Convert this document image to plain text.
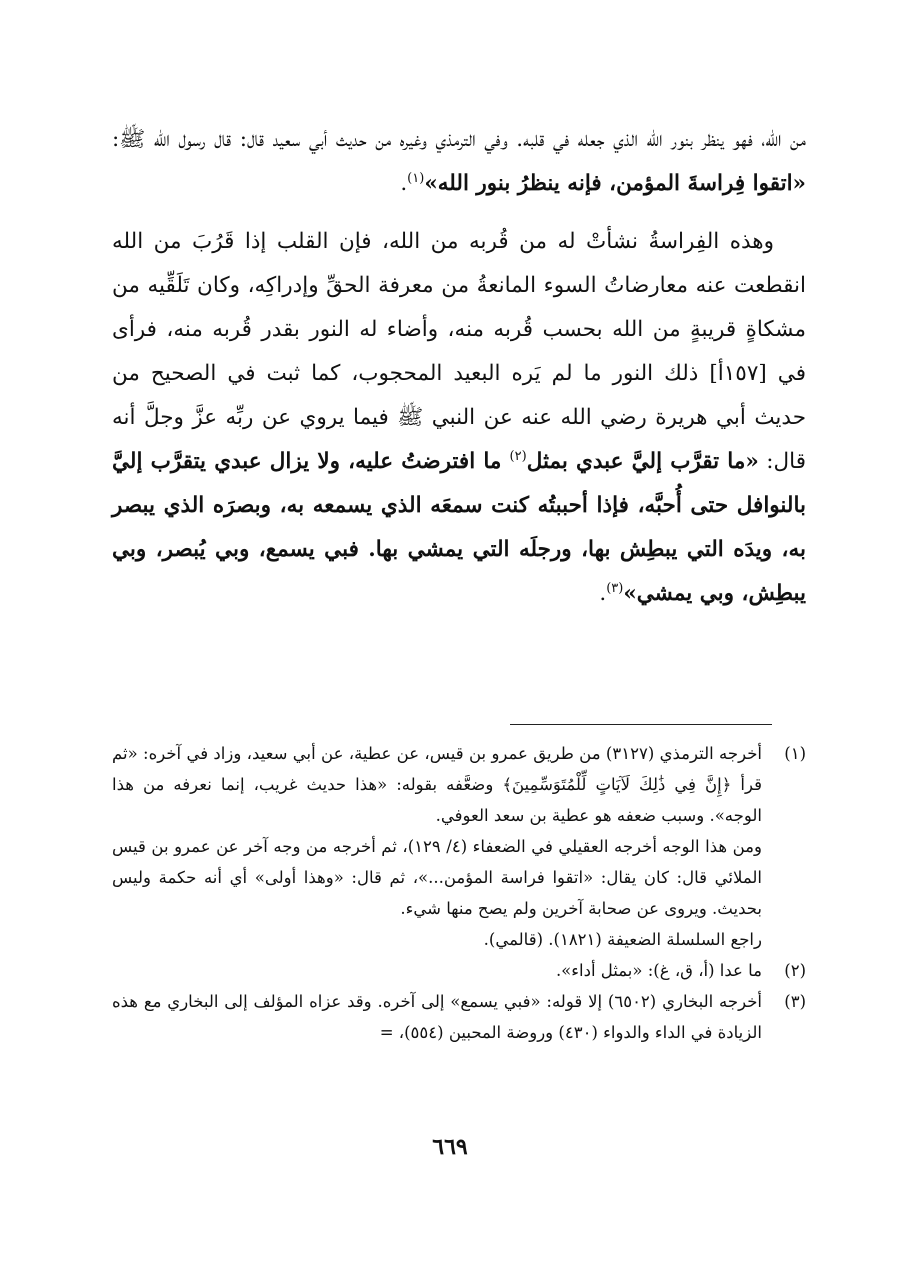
من الله، فهو ينظر بنور الله الذي جعله في قلبه. وفي الترمذي وغيره من حديث أبي سعيد قال: قال رسول الله ﷺ: «اتقوا فِراسةَ المؤمن، فإنه ينظرُ بنور الله»$^{(١)}$.

وهذه الفِراسةُ نشأتْ له من قُربه من الله، فإن القلب إذا قَرُبَ من الله انقطعت عنه معارضاتُ السوء المانعةُ من معرفة الحقِّ وإدراكِه، وكان تَلَقِّيه من مشكاةٍ قريبةٍ من الله بحسب قُربه منه، وأضاء له النور بقدر قُربه منه، فرأى في [١٥٧أ] ذلك النور ما لم يَره البعيد المحجوب، كما ثبت في الصحيح من حديث أبي هريرة رضي الله عنه عن النبي ﷺ فيما يروي عن ربِّه عزَّ وجلَّ أنه قال: «ما تقرَّب إليَّ عبدي بمثل$^{(٢)}$ ما افترضتُ عليه، ولا يزال عبدي يتقرَّب إليَّ بالنوافل حتى أُحبَّه، فإذا أحببتُه كنت سمعَه الذي يسمعه به، وبصرَه الذي يبصر به، ويدَه التي يبطِش بها، ورجلَه التي يمشي بها. فبي يسمع، وبي يُبصر، وبي يبطِش، وبي يمشي»$^{(٣)}$.

(١)

أخرجه الترمذي (٣١٢٧) من طريق عمرو بن قيس، عن عطية، عن أبي سعيد، وزاد في آخره: «ثم قرأ ﴿إِنَّ فِي ذَٰلِكَ لَآيَاتٍ لِّلْمُتَوَسِّمِينَ﴾ وضعَّفه بقوله: «هذا حديث غريب، إنما نعرفه من هذا الوجه». وسبب ضعفه هو عطية بن سعد العوفي.

ومن هذا الوجه أخرجه العقيلي في الضعفاء (٤/ ١٢٩)، ثم أخرجه من وجه آخر عن عمرو بن قيس الملائي قال: كان يقال: «اتقوا فراسة المؤمن...»، ثم قال: «وهذا أولى» أي أنه حكمة وليس بحديث. ويروى عن صحابة آخرين ولم يصح منها شيء.

راجع السلسلة الضعيفة (١٨٢١). (قالمي).

(٢)

ما عدا (أ، ق، غ): «بمثل أداء».

(٣)

أخرجه البخاري (٦٥٠٢) إلا قوله: «فبي يسمع» إلى آخره. وقد عزاه المؤلف إلى البخاري مع هذه الزيادة في الداء والدواء (٤٣٠) وروضة المحبين (٥٥٤)، =

٦٦٩
